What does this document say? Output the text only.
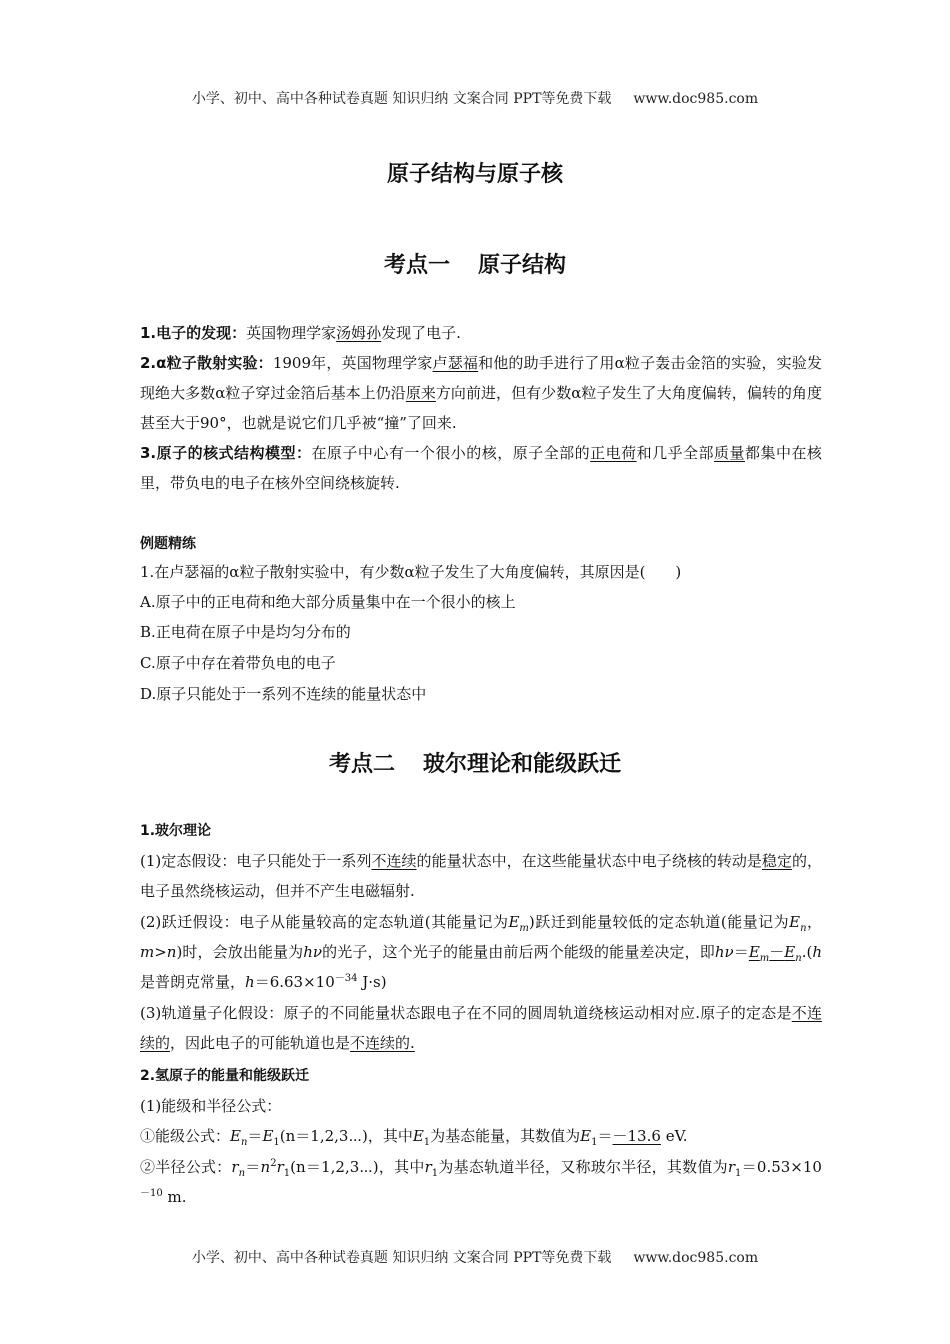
小学、初中、高中各种试卷真题 知识归纳 文案合同 PPT等免费下载 www.doc985.com
原子结构与原子核
考点一 原子结构
1.电子的发现：英国物理学家汤姆孙发现了电子.
2.α粒子散射实验：1909年，英国物理学家卢瑟福和他的助手进行了用α粒子轰击金箔的实验，实验发现绝大多数α粒子穿过金箔后基本上仍沿原来方向前进，但有少数α粒子发生了大角度偏转，偏转的角度甚至大于90°，也就是说它们几乎被“撞”了回来.
3.原子的核式结构模型：在原子中心有一个很小的核，原子全部的正电荷和几乎全部质量都集中在核里，带负电的电子在核外空间绕核旋转.
例题精练
1.在卢瑟福的α粒子散射实验中，有少数α粒子发生了大角度偏转，其原因是(　　)
A.原子中的正电荷和绝大部分质量集中在一个很小的核上
B.正电荷在原子中是均匀分布的
C.原子中存在着带负电的电子
D.原子只能处于一系列不连续的能量状态中
考点二 玻尔理论和能级跃迁
1.玻尔理论
(1)定态假设：电子只能处于一系列不连续的能量状态中，在这些能量状态中电子绕核的转动是稳定的，电子虽然绕核运动，但并不产生电磁辐射.
(2)跃迁假设：电子从能量较高的定态轨道(其能量记为$E_m$)跃迁到能量较低的定态轨道(能量记为$E_n$，m>n)时，会放出能量为hν的光子，这个光子的能量由前后两个能级的能量差决定，即$h\nu=E_m-E_n.(h$是普朗克常量，$h=6.63\times 10^{-34}$ J·s)
(3)轨道量子化假设：原子的不同能量状态跟电子在不同的圆周轨道绕核运动相对应.原子的定态是不连续的，因此电子的可能轨道也是不连续的.
2.氢原子的能量和能级跃迁
(1)能级和半径公式：
①能级公式：$E_n=E_1(n=1,2,3\cdots)$，其中$E_1$为基态能量，其数值为$E_1=-13.6$ eV.
②半径公式：$r_n=n^2r_1(n=1,2,3\cdots)$，其中$r_1$为基态轨道半径，又称玻尔半径，其数值为$r_1=0.53\times 10^{-10}$ m.
小学、初中、高中各种试卷真题 知识归纳 文案合同 PPT等免费下载 www.doc985.com
